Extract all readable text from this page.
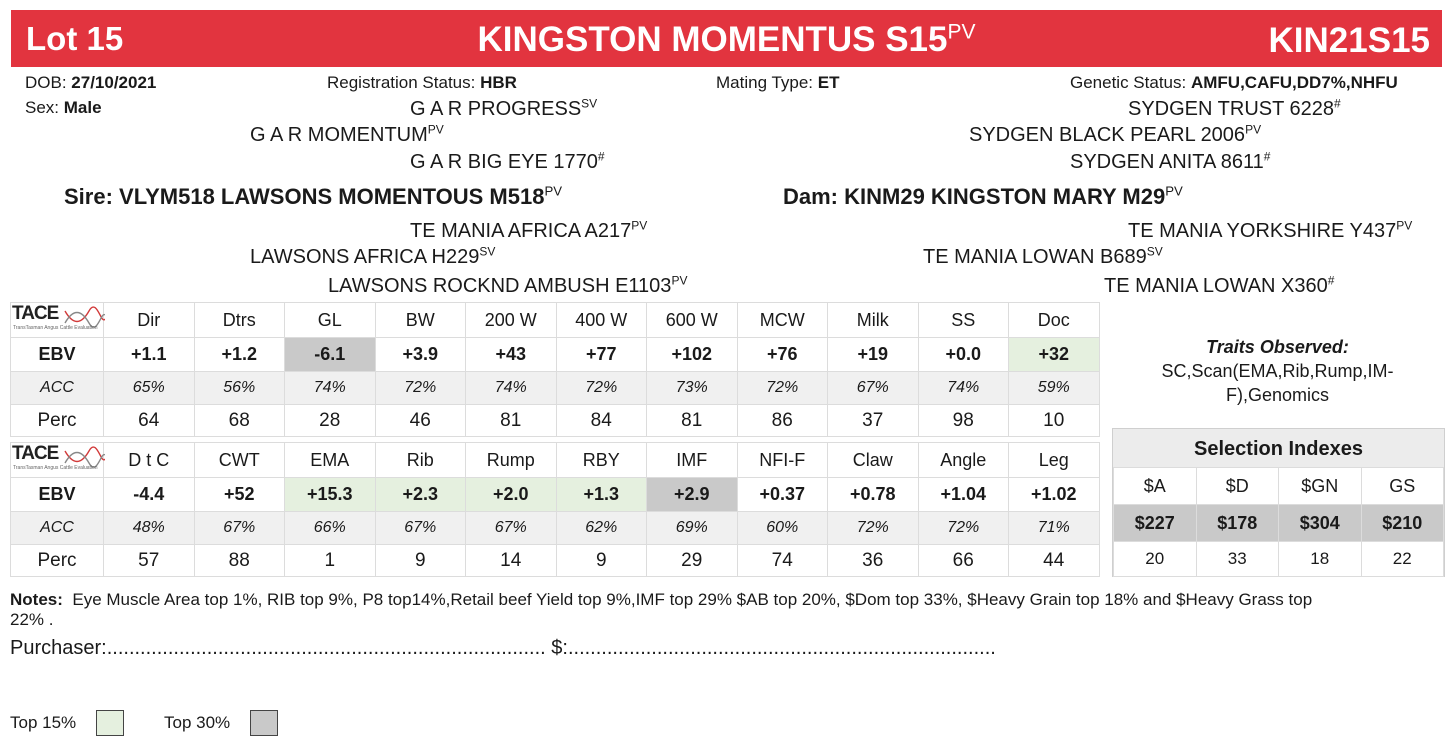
Lot 15	KINGSTON MOMENTUS $S15^{PV}$	KIN21S15
DOB: 27/10/2021
Sex: Male
Registration Status: HBR	Mating Type: ET	Genetic Status: AMFU,CAFU,DD7%,NHFU
G A R $PROGRESS^{SV}$
G A R $MOMENTUM^{PV}$
G A R BIG EYE 1770#
Sire: VLYM518 LAWSONS MOMENTOUS $M518^{PV}$
TE MANIA AFRICA $A217^{PV}$
LAWSONS AFRICA $H229^{SV}$
LAWSONS ROCKND AMBUSH $E1103^{PV}$
SYDGEN TRUST 6228#
SYDGEN BLACK PEARL $2006^{PV}$
SYDGEN ANITA 8611#
Dam: KINM29 KINGSTON MARY $M29^{PV}$
TE MANIA YORKSHIRE $Y437^{PV}$
TE MANIA LOWAN $B689^{SV}$
TE MANIA LOWAN X360#
TACE
TransTasman Angus Cattle Evaluation	Dir	Dtrs	GL	BW	200 W	400 W	600 W	MCW	Milk	SS	Doc
EBV	+1.1	+1.2	-6.1	+3.9	+43	+77	+102	+76	+19	+0.0	+32
ACC	65%	56%	74%	72%	74%	72%	73%	72%	67%	74%	59%
Perc	64	68	28	46	81	84	81	86	37	98	10
TACE
TransTasman Angus Cattle Evaluation	D t C	CWT	EMA	Rib	Rump	RBY	IMF	NFI-F	Claw	Angle	Leg
EBV	-4.4	+52	+15.3	+2.3	+2.0	+1.3	+2.9	+0.37	+0.78	+1.04	+1.02
ACC	48%	67%	66%	67%	67%	62%	69%	60%	72%	72%	71%
Perc	57	88	1	9	14	9	29	74	36	66	44
Traits Observed:
SC,Scan(EMA,Rib,Rump,IM-
F),Genomics
Selection Indexes
$A	$D	$GN	GS
$227	$178	$304	$210
20	33	18	22
Notes: Eye Muscle Area top 1%, RIB top 9%, P8 top14%,Retail beef Yield top 9%,IMF top 29% $AB top 20%, $Dom top 33%, $Heavy Grain top 18% and $Heavy Grass top
22% .
Purchaser:............................................................................... $:.............................................................................
Top 15%	Top 30%
